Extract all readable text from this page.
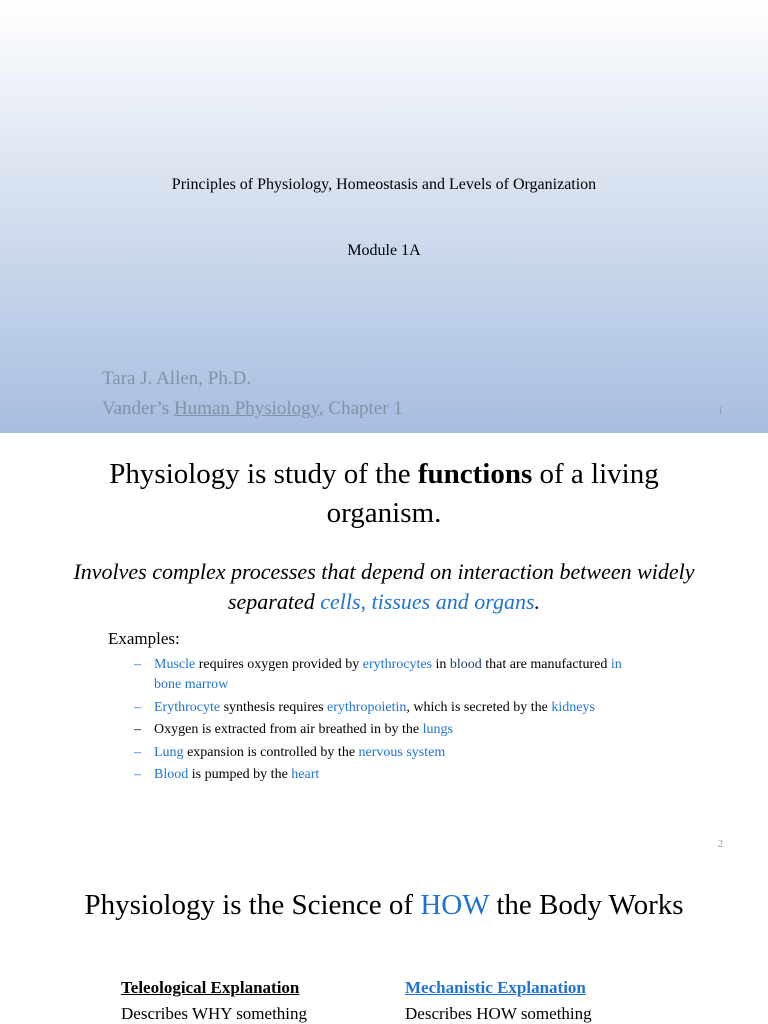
Principles of Physiology, Homeostasis and Levels of Organization
Module 1A
Tara J. Allen, Ph.D.
Vander’s Human Physiology, Chapter 1	1
Physiology is study of the functions of a living organism.
Involves complex processes that depend on interaction between widely separated cells, tissues and organs.
Examples:
– Muscle requires oxygen provided by erythrocytes in blood that are manufactured in bone marrow
– Erythrocyte synthesis requires erythropoietin, which is secreted by the kidneys
– Oxygen is extracted from air breathed in by the lungs
– Lung expansion is controlled by the nervous system
– Blood is pumped by the heart
2
Physiology is the Science of HOW the Body Works
Teleological Explanation	Mechanistic Explanation
Describes WHY something	Describes HOW something
